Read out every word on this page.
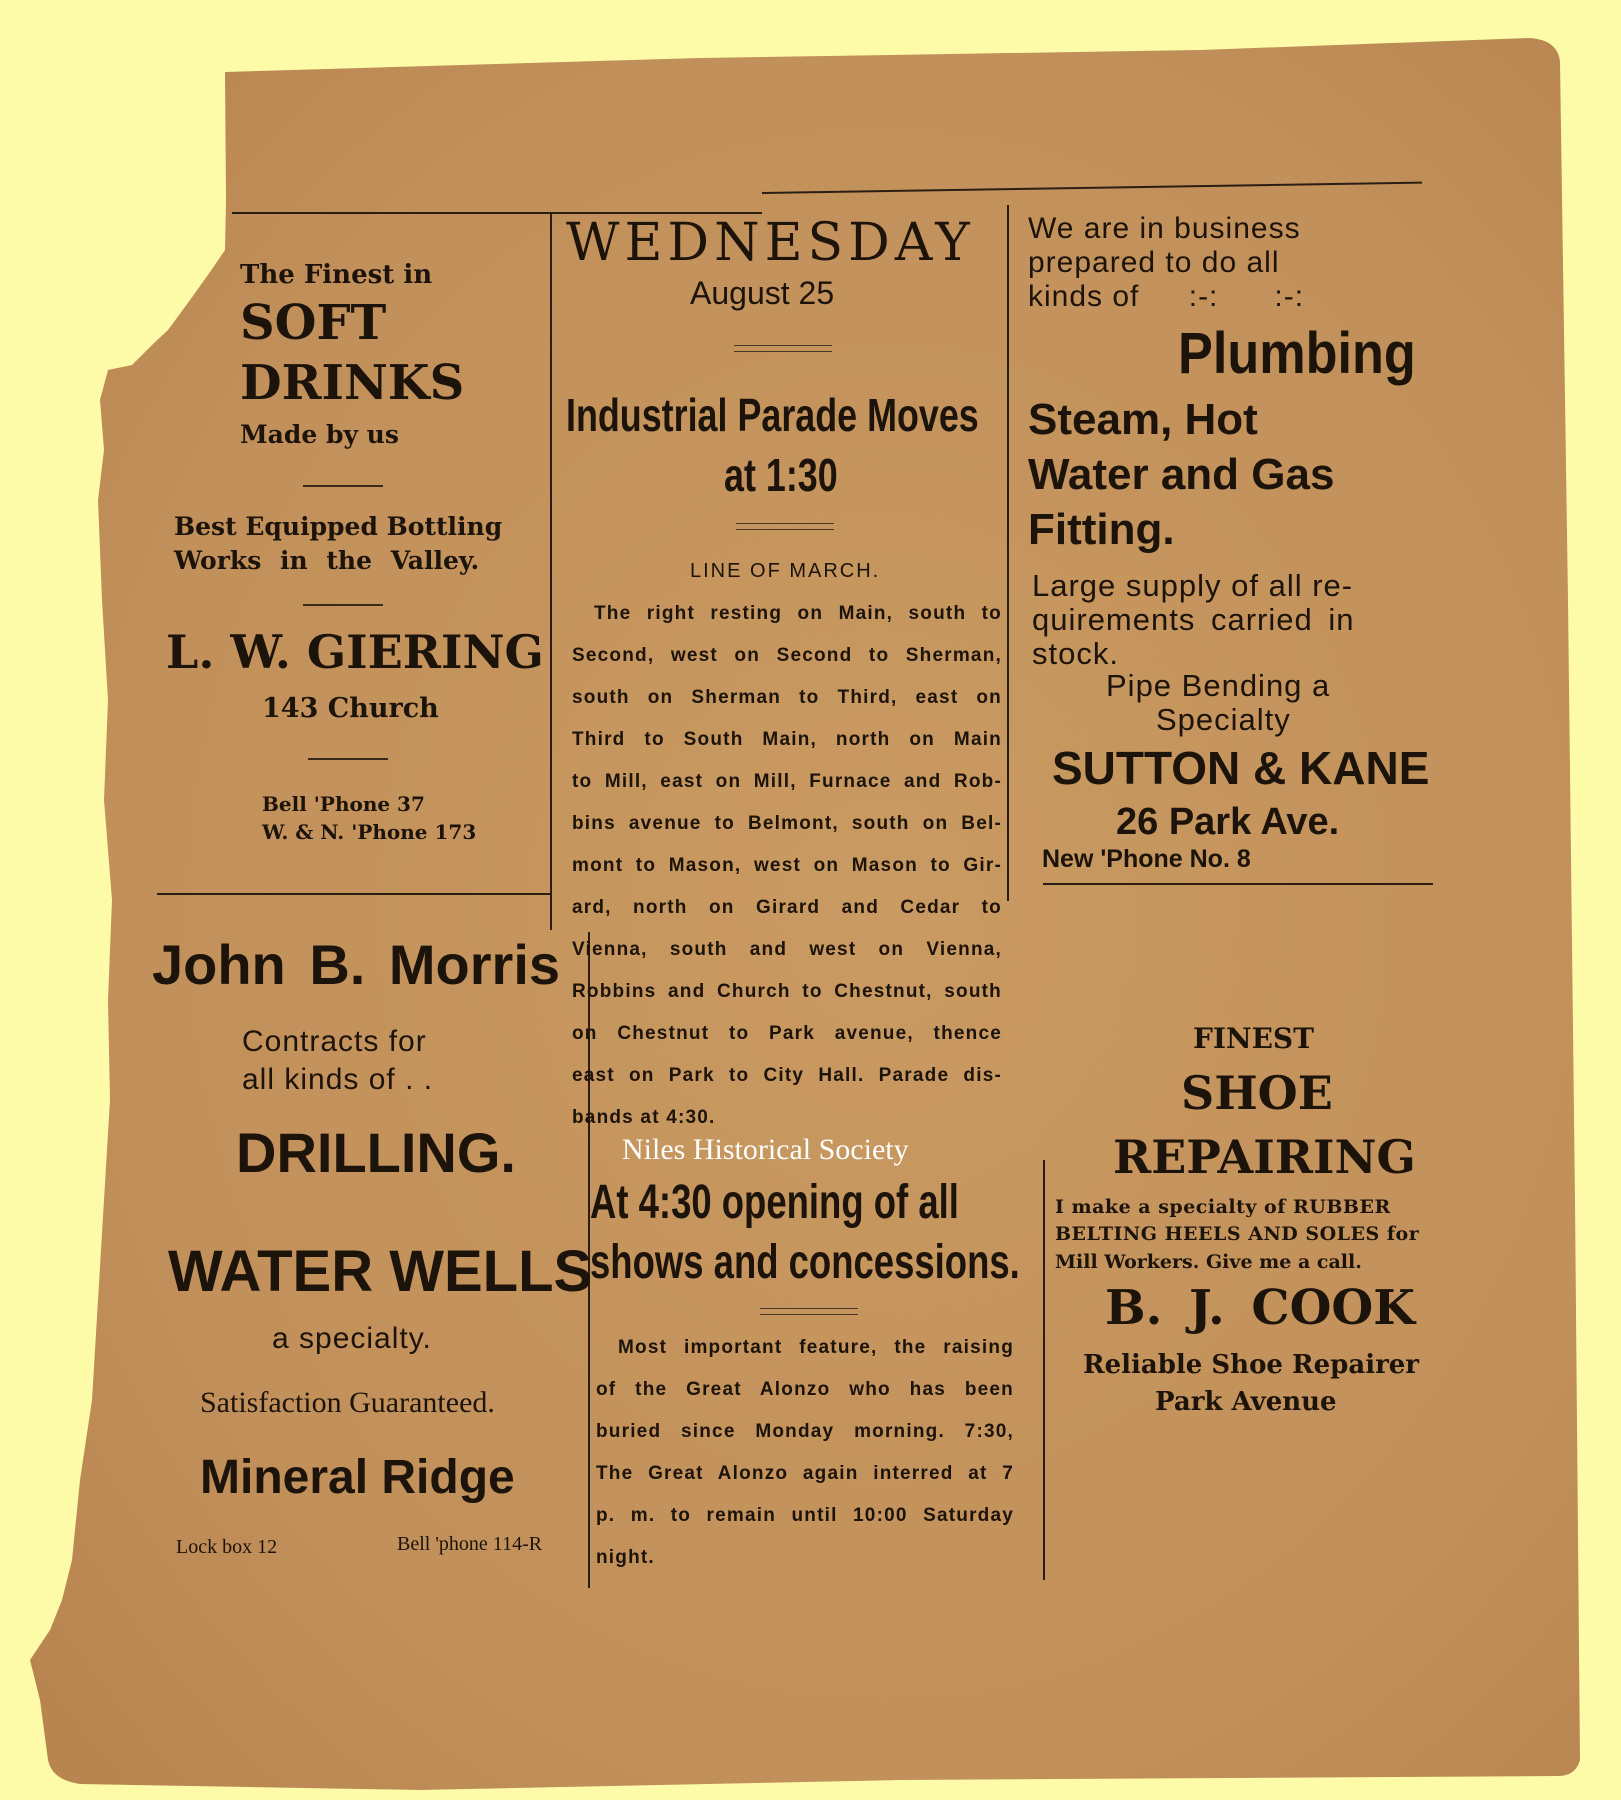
The Finest in
SOFT
DRINKS
Made by us
Best Equipped Bottling
Works in the Valley.
L. W. GIERING
143 Church
Bell 'Phone 37
W. & N. 'Phone 173
John B. Morris
Contracts for
all kinds of . .
DRILLING.
WATER WELLS
a specialty.
Satisfaction Guaranteed.
Mineral Ridge
Lock box 12	Bell 'phone 114-R
WEDNESDAY
August 25
Industrial Parade Moves
at 1:30
LINE OF MARCH.

The right resting on Main, south to

Second, west on Second to Sherman,

south on Sherman to Third, east on

Third to South Main, north on Main

to Mill, east on Mill, Furnace and Rob-

bins avenue to Belmont, south on Bel-

mont to Mason, west on Mason to Gir-

ard, north on Girard and Cedar to

Vienna, south and west on Vienna,

Robbins and Church to Chestnut, south

on Chestnut to Park avenue, thence

east on Park to City Hall. Parade dis-

bands at 4:30.

Niles Historical Society
At 4:30 opening of all
shows and concessions.

Most important feature, the raising

of the Great Alonzo who has been

buried since Monday morning. 7:30,

The Great Alonzo again interred at 7

p. m. to remain until 10:00 Saturday

night.

We are in business
prepared to do all
kinds of :-:      :-:
Plumbing
Steam, Hot
Water and Gas
Fitting.
Large supply of all re-
quirements carried in
stock.
Pipe Bending a
Specialty
SUTTON & KANE
26 Park Ave.
New 'Phone No. 8
FINEST
SHOE
REPAIRING
I make a specialty of RUBBER
BELTING HEELS AND SOLES for
Mill Workers. Give me a call.
B. J. COOK
Reliable Shoe Repairer
Park Avenue
